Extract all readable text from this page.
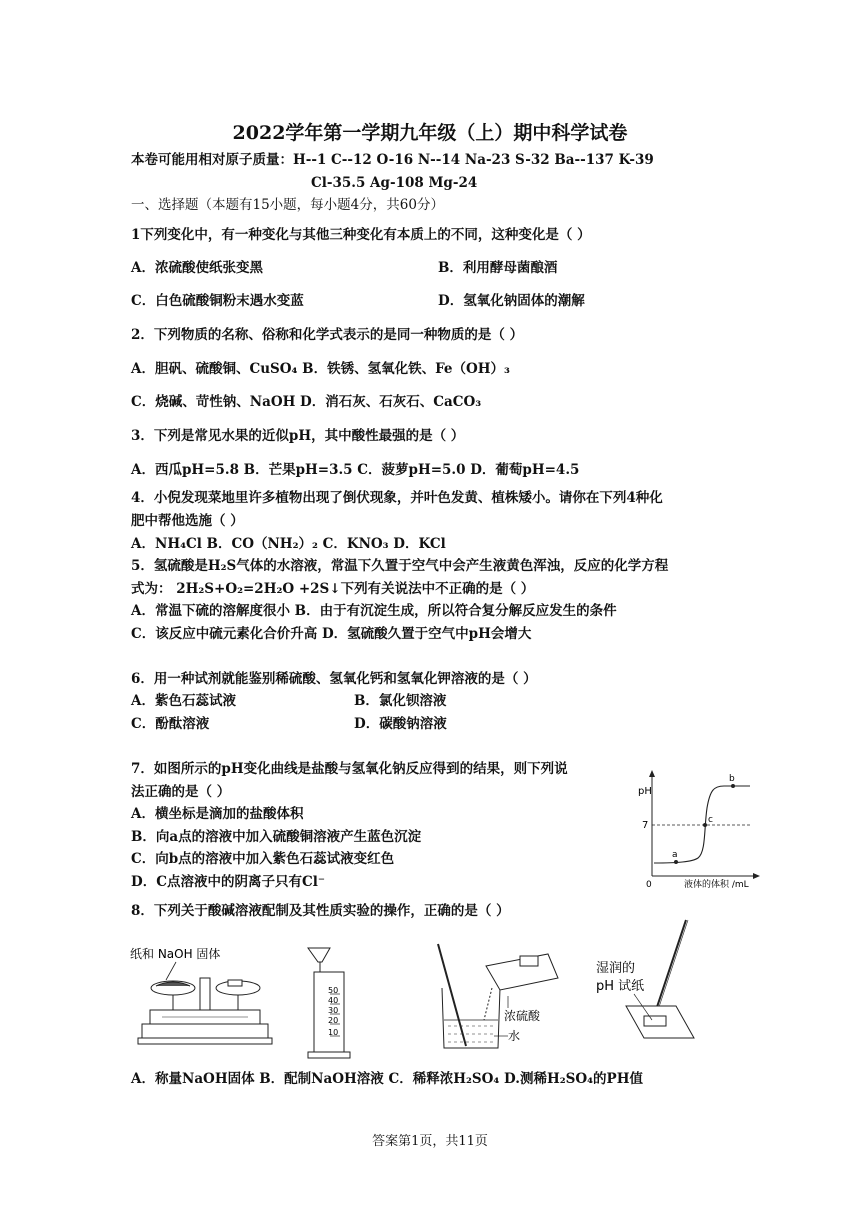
2022学年第一学期九年级（上）期中科学试卷
本卷可能用相对原子质量：H--1 C--12 O-16 N--14 Na-23 S-32 Ba--137 K-39
Cl-35.5 Ag-108 Mg-24
一、选择题（本题有15小题，每小题4分，共60分）
1下列变化中，有一种变化与其他三种变化有本质上的不同，这种变化是（ ）
A．浓硫酸使纸张变黑	B．利用酵母菌酿酒
C．白色硫酸铜粉末遇水变蓝	D．氢氧化钠固体的潮解
2．下列物质的名称、俗称和化学式表示的是同一种物质的是（ ）
A．胆矾、硫酸铜、CuSO₄ B．铁锈、氢氧化铁、Fe（OH）₃
C．烧碱、苛性钠、NaOH D．消石灰、石灰石、CaCO₃
3．下列是常见水果的近似pH，其中酸性最强的是（ ）
A．西瓜pH=5.8 B．芒果pH=3.5 C．菠萝pH=5.0 D．葡萄pH=4.5
4．小倪发现菜地里许多植物出现了倒伏现象，并叶色发黄、植株矮小。请你在下列4种化
肥中帮他选施（ ）
A．NH₄Cl B．CO（NH₂）₂ C．KNO₃ D．KCl
5．氢硫酸是H₂S气体的水溶液，常温下久置于空气中会产生液黄色浑浊，反应的化学方程
式为： 2H₂S+O₂=2H₂O +2S↓下列有关说法中不正确的是（ ）
A．常温下硫的溶解度很小 B．由于有沉淀生成，所以符合复分解反应发生的条件
C．该反应中硫元素化合价升高 D．氢硫酸久置于空气中pH会增大
6．用一种试剂就能鉴别稀硫酸、氢氧化钙和氢氧化钾溶液的是（ ）
A．紫色石蕊试液	B．氯化钡溶液
C．酚酞溶液	D．碳酸钠溶液
7．如图所示的pH变化曲线是盐酸与氢氧化钠反应得到的结果，则下列说
法正确的是（ ）
A．横坐标是滴加的盐酸体积
B．向a点的溶液中加入硫酸铜溶液产生蓝色沉淀
C．向b点的溶液中加入紫色石蕊试液变红色
D．C点溶液中的阴离子只有Cl⁻
pH
7
0
a
c
b
液体的体积 /mL
8．下列关于酸碱溶液配制及其性质实验的操作，正确的是（ ）
纸和 NaOH 固体
50
40
30
20
10
浓硫酸
水
湿润的
pH 试纸
A．称量NaOH固体 B．配制NaOH溶液 C．稀释浓H₂SO₄ D.测稀H₂SO₄的PH值
答案第1页，共11页
